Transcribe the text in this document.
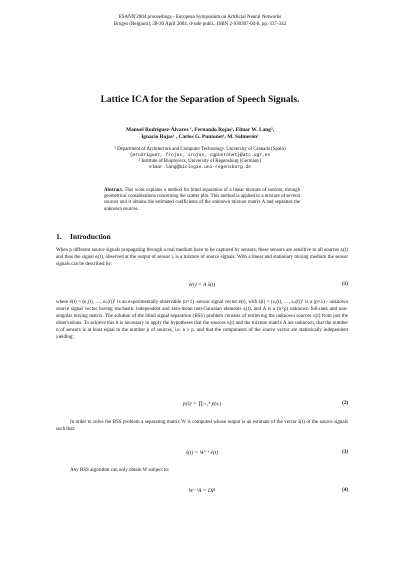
ESANN'2004 proceedings - European Symposium on Artificial Neural Networks
Bruges (Belgium), 28-30 April 2004, d-side publi., ISBN 2-930307-04-8, pp. 337-342
Lattice ICA for the Separation of Speech Signals.
Manuel Rodriguez-Álvarez ¹, Fernando Rojas¹, Elmar W. Lang²,
Ignacio Rojas¹ , Carlos G. Puntonet¹, M. Salmerón¹
¹ Department of Architecture and Computer Technology. University of Granada (Spain)
{mrodriguez, frojas, irojas, cgpuntonet}@atc.ugr.es
² Institute of Biophysics, University of Regensburg (Germany)
elmar.lang@biologie.uni-regensburg.de
Abstract. This work explains a method for blind separation of a linear mixture of sources, through geometrical considerations concerning the scatter plot. This method is applied to a mixture of several sources and it obtains the estimated coefficients of the unknown mixture matrix A and separates the unknown sources.
1. Introduction
When p different source signals propagating through a real medium have to be captured by sensors, these sensors are sensitive to all sources sᵢ(t) and thus the signal eᵢ(t), observed at the output of sensor i, is a mixture of source signals. With a linear and stationary mixing medium the sensor signals can be described by:
ē(t) = A s̄(t)	(1)
where ē(t) = (e₁(t), …, eₙ(t))ᵀ is an experimentally observable (n×1) -sensor signal vector e(t), with s̄(t) = (s₁(t), …, sₚ(t))ᵀ is a (p×1) - unknown source signal vector having stochastic independent and zero-mean non-Gaussian elements sᵢ(t), and A is a (n×p) unknown full-rank and non-singular mixing matrix. The solution of the blind signal separation (BSS) problem consists of retrieving the unknown sources sᵢ(t) from just the observations. To achieve this it is necessary to apply the hypotheses that the sources sᵢ(t) and the mixture matrix A are unknown, that the number n of sensors is at least equal to the number p of sources, i.e. n ≥ p, and that the components of the source vector are statistically independent yielding:
p(s̄) = ∏ᵢ₌₁ⁿ p(sᵢ)	(2)
In order to solve the BSS problem a separating matrix W is computed whose output is an estimate of the vector s̄(t) of the source signals such that:
ŝ(t) = W⁻¹ ē(t)	(3)
Any BSS algorithm can only obtain W subject to:
W⁻¹A = DP	(4)
